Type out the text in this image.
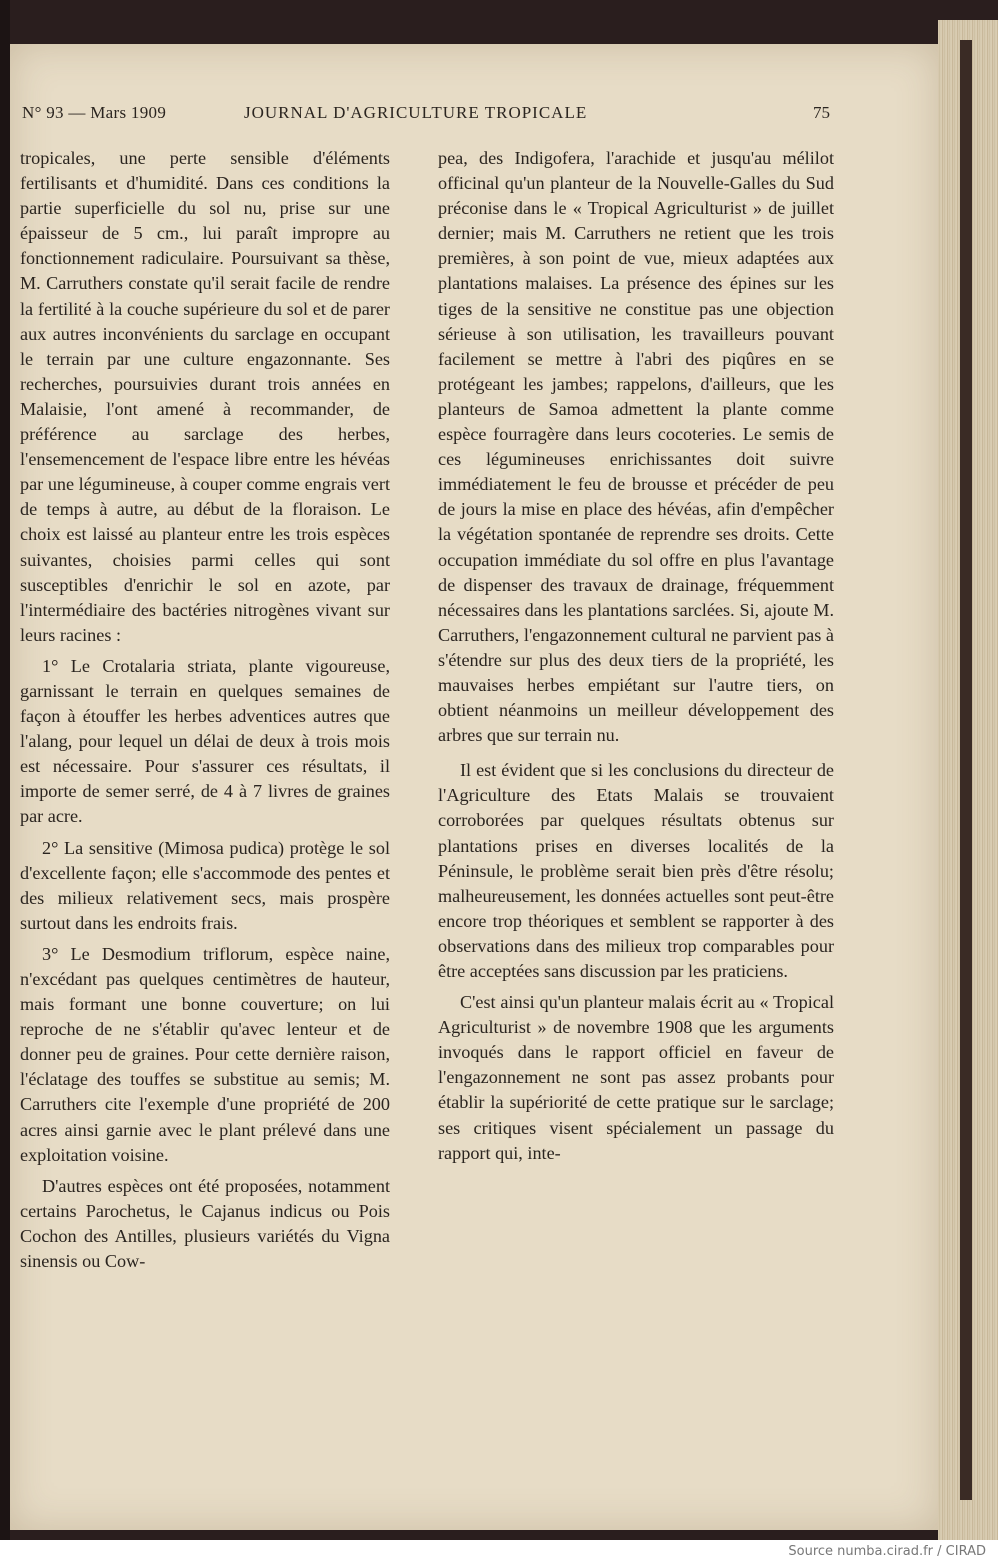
N° 93 — Mars 1909	JOURNAL D'AGRICULTURE TROPICALE	75

tropicales, une perte sensible d'éléments fertilisants et d'humidité. Dans ces conditions la partie superficielle du sol nu, prise sur une épaisseur de 5 cm., lui paraît impropre au fonctionnement radiculaire. Poursuivant sa thèse, M. Carruthers constate qu'il serait facile de rendre la fertilité à la couche supérieure du sol et de parer aux autres inconvénients du sarclage en occupant le terrain par une culture engazonnante. Ses recherches, poursuivies durant trois années en Malaisie, l'ont amené à recommander, de préférence au sarclage des herbes, l'ensemencement de l'espace libre entre les hévéas par une légumineuse, à couper comme engrais vert de temps à autre, au début de la floraison. Le choix est laissé au planteur entre les trois espèces suivantes, choisies parmi celles qui sont susceptibles d'enrichir le sol en azote, par l'intermédiaire des bactéries nitrogènes vivant sur leurs racines :

1° Le Crotalaria striata, plante vigoureuse, garnissant le terrain en quelques semaines de façon à étouffer les herbes adventices autres que l'alang, pour lequel un délai de deux à trois mois est nécessaire. Pour s'assurer ces résultats, il importe de semer serré, de 4 à 7 livres de graines par acre.

2° La sensitive (Mimosa pudica) protège le sol d'excellente façon; elle s'accommode des pentes et des milieux relativement secs, mais prospère surtout dans les endroits frais.

3° Le Desmodium triflorum, espèce naine, n'excédant pas quelques centimètres de hauteur, mais formant une bonne couverture; on lui reproche de ne s'établir qu'avec lenteur et de donner peu de graines. Pour cette dernière raison, l'éclatage des touffes se substitue au semis; M. Carruthers cite l'exemple d'une propriété de 200 acres ainsi garnie avec le plant prélevé dans une exploitation voisine.

D'autres espèces ont été proposées, notamment certains Parochetus, le Cajanus indicus ou Pois Cochon des Antilles, plusieurs variétés du Vigna sinensis ou Cow-

pea, des Indigofera, l'arachide et jusqu'au mélilot officinal qu'un planteur de la Nouvelle-Galles du Sud préconise dans le « Tropical Agriculturist » de juillet dernier; mais M. Carruthers ne retient que les trois premières, à son point de vue, mieux adaptées aux plantations malaises. La présence des épines sur les tiges de la sensitive ne constitue pas une objection sérieuse à son utilisation, les travailleurs pouvant facilement se mettre à l'abri des piqûres en se protégeant les jambes; rappelons, d'ailleurs, que les planteurs de Samoa admettent la plante comme espèce fourragère dans leurs cocoteries. Le semis de ces légumineuses enrichissantes doit suivre immédiatement le feu de brousse et précéder de peu de jours la mise en place des hévéas, afin d'empêcher la végétation spontanée de reprendre ses droits. Cette occupation immédiate du sol offre en plus l'avantage de dispenser des travaux de drainage, fréquemment nécessaires dans les plantations sarclées. Si, ajoute M. Carruthers, l'engazonnement cultural ne parvient pas à s'étendre sur plus des deux tiers de la propriété, les mauvaises herbes empiétant sur l'autre tiers, on obtient néanmoins un meilleur développement des arbres que sur terrain nu.

Il est évident que si les conclusions du directeur de l'Agriculture des Etats Malais se trouvaient corroborées par quelques résultats obtenus sur plantations prises en diverses localités de la Péninsule, le problème serait bien près d'être résolu; malheureusement, les données actuelles sont peut-être encore trop théoriques et semblent se rapporter à des observations dans des milieux trop comparables pour être acceptées sans discussion par les praticiens.

C'est ainsi qu'un planteur malais écrit au « Tropical Agriculturist » de novembre 1908 que les arguments invoqués dans le rapport officiel en faveur de l'engazonnement ne sont pas assez probants pour établir la supériorité de cette pratique sur le sarclage; ses critiques visent spécialement un passage du rapport qui, inte-

Source numba.cirad.fr / CIRAD
